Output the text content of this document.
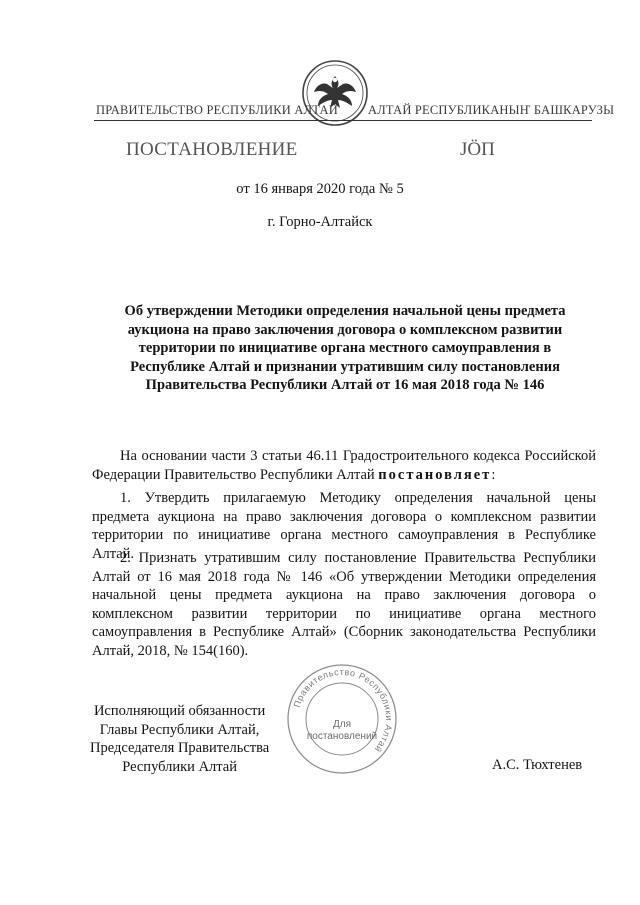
ПРАВИТЕЛЬСТВО РЕСПУБЛИКИ АЛТАЙ АЛТАЙ РЕСПУБЛИКАНЫҤ БАШКАРУЗЫ
ПОСТАНОВЛЕНИЕ	ЈӦП
от 16 января 2020 года № 5
г. Горно-Алтайск
Об утверждении Методики определения начальной цены предмета аукциона на право заключения договора о комплексном развитии территории по инициативе органа местного самоуправления в Республике Алтай и признании утратившим силу постановления Правительства Республики Алтай от 16 мая 2018 года № 146
На основании части 3 статьи 46.11 Градостроительного кодекса Российской Федерации Правительство Республики Алтай постановляет:
1. Утвердить прилагаемую Методику определения начальной цены предмета аукциона на право заключения договора о комплексном развитии территории по инициативе органа местного самоуправления в Республике Алтай.
2. Признать утратившим силу постановление Правительства Республики Алтай от 16 мая 2018 года № 146 «Об утверждении Методики определения начальной цены предмета аукциона на право заключения договора о комплексном развитии территории по инициативе органа местного самоуправления в Республике Алтай» (Сборник законодательства Республики Алтай, 2018, № 154(160).
Исполняющий обязанности
Главы Республики Алтай,
Председателя Правительства
Республики Алтай
Правительство Республики Алтай
Для
постановлений
А.С. Тюхтенев
